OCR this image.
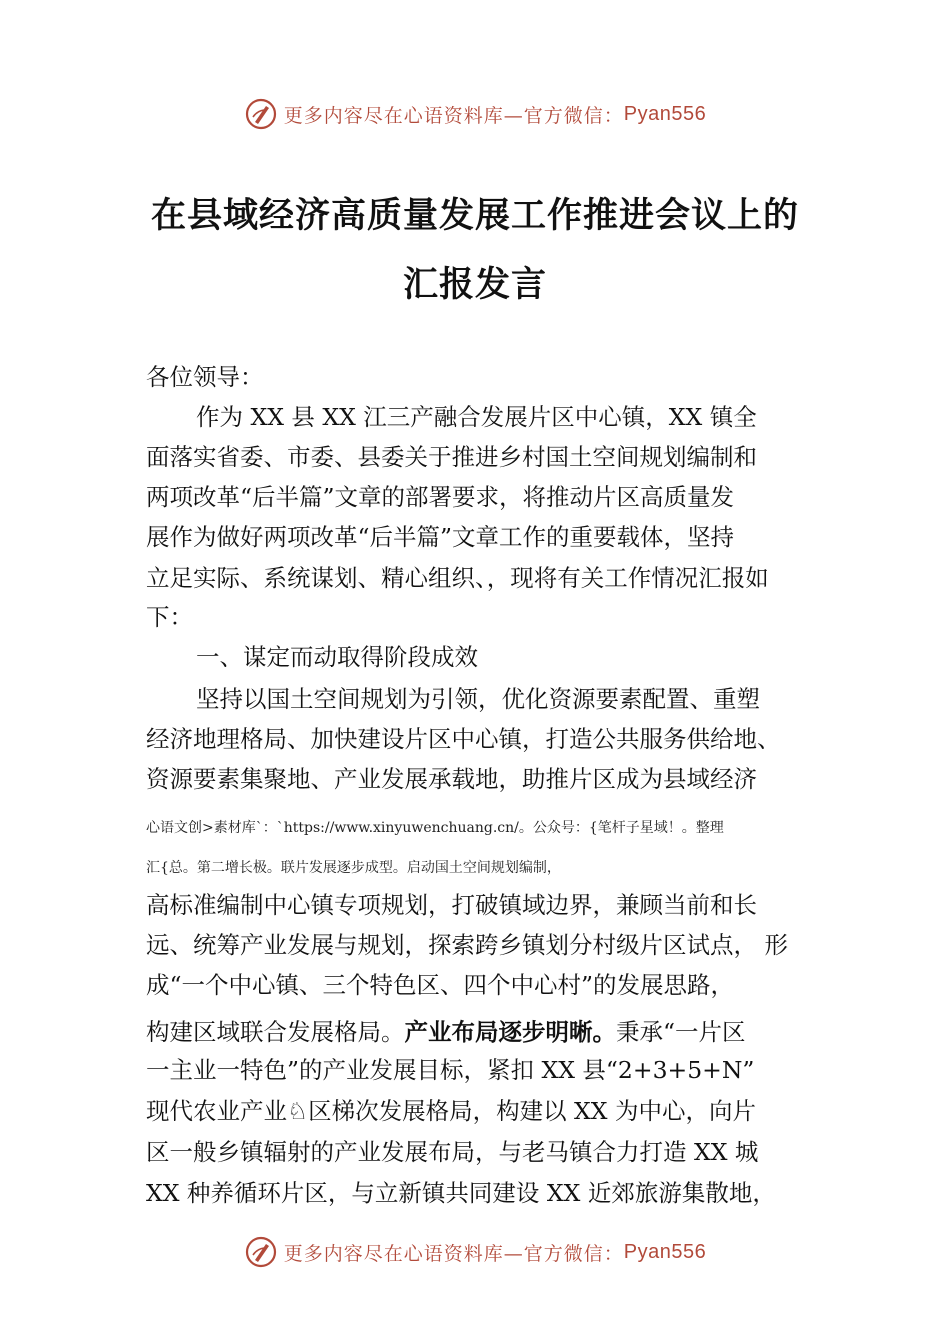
更多内容尽在心语资料库—官方微信： Pyan556
在县域经济高质量发展工作推进会议上的
汇报发言
各位领导：
作为 XX 县 XX 江三产融合发展片区中心镇，XX 镇全
面落实省委、市委、县委关于推进乡村国土空间规划编制和
两项改革“后半篇”文章的部署要求，将推动片区高质量发
展作为做好两项改革“后半篇”文章工作的重要载体，坚持
立足实际、系统谋划、精心组织、，现将有关工作情况汇报如
下：
一、谋定而动取得阶段成效
坚持以国土空间规划为引领，优化资源要素配置、重塑
经济地理格局、加快建设片区中心镇，打造公共服务供给地、
资源要素集聚地、产业发展承载地，助推片区成为县域经济
心语文创>素材库`：`https://www.xinyuwenchuang.cn/。公众号：{笔杆子星域！。整理
汇{总。第二增长极。联片发展逐步成型。启动国土空间规划编制，
高标准编制中心镇专项规划，打破镇域边界，兼顾当前和长
远、统筹产业发展与规划，探索跨乡镇划分村级片区试点， 形
成“一个中心镇、三个特色区、四个中心村”的发展思路，
构建区域联合发展格局。产业布局逐步明晰。秉承“一片区
一主业一特色”的产业发展目标，紧扣 XX 县“2+3+5+N”
现代农业产业♘区梯次发展格局，构建以 XX 为中心，向片
区一般乡镇辐射的产业发展布局，与老马镇合力打造 XX 城
XX 种养循环片区，与立新镇共同建设 XX 近郊旅游集散地，
更多内容尽在心语资料库—官方微信： Pyan556
